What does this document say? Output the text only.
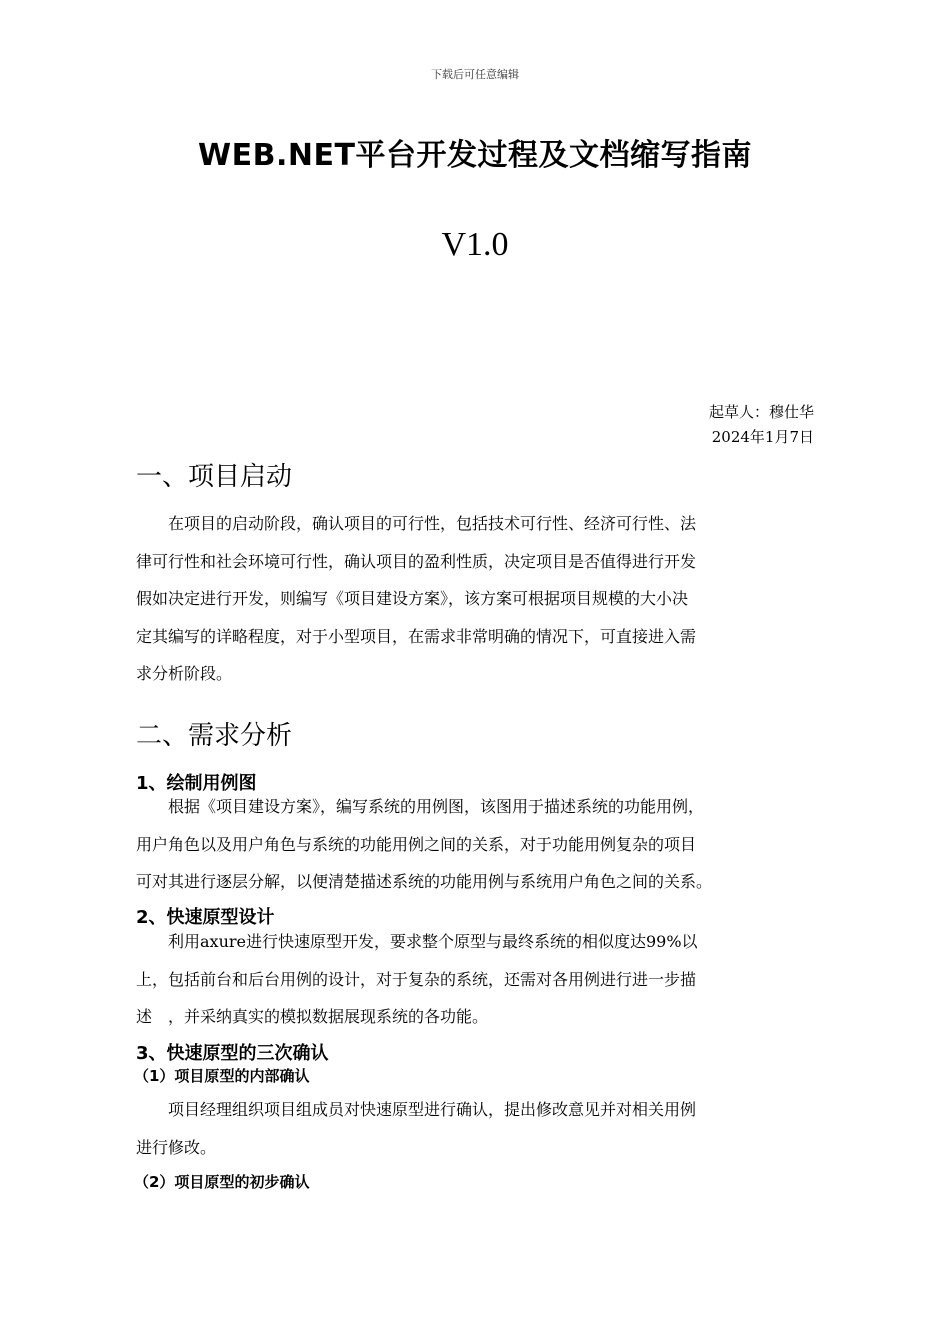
下载后可任意编辑
WEB.NET平台开发过程及文档缩写指南
V1.0
起草人：穆仕华
2024年1月7日
一、项目启动
　　在项目的启动阶段，确认项目的可行性，包括技术可行性、经济可行性、法
律可行性和社会环境可行性，确认项目的盈利性质，决定项目是否值得进行开发
假如决定进行开发，则编写《项目建设方案》，该方案可根据项目规模的大小决
定其编写的详略程度，对于小型项目，在需求非常明确的情况下，可直接进入需
求分析阶段。
二、需求分析
1、绘制用例图
　　根据《项目建设方案》，编写系统的用例图，该图用于描述系统的功能用例，
用户角色以及用户角色与系统的功能用例之间的关系，对于功能用例复杂的项目
可对其进行逐层分解，以便清楚描述系统的功能用例与系统用户角色之间的关系。
2、快速原型设计
　　利用axure进行快速原型开发，要求整个原型与最终系统的相似度达99%以
上，包括前台和后台用例的设计，对于复杂的系统，还需对各用例进行进一步描
述　，并采纳真实的模拟数据展现系统的各功能。
3、快速原型的三次确认
（1）项目原型的内部确认
　　项目经理组织项目组成员对快速原型进行确认，提出修改意见并对相关用例
进行修改。
（2）项目原型的初步确认
